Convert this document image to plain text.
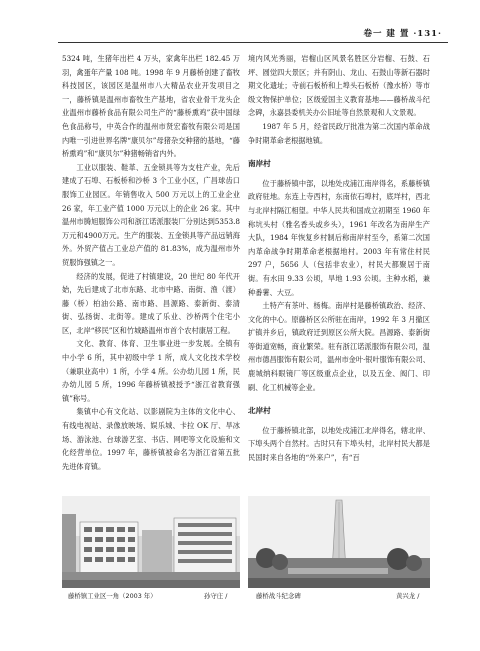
卷一 建 置 ·131·

5324 吨，生猪年出栏 4 万头，家禽年出栏 182.45 万羽，禽蛋年产量 108 吨。1998 年 9 月藤桥创建了畜牧科技园区，该园区是温州市八大精品农业开发项目之一，藤桥镇是温州市畜牧生产基地，省农业骨干龙头企业温州市藤桥食品有限公司生产的“藤桥熏鸡”获中国绿色食品称号，中英合作的温州市贤宏畜牧有限公司是国内唯一引进世界名牌“康贝尔”母猪杂交种猪的基地，“藤桥熏鸡”和“康贝尔”种猪畅销省内外。

工业以服装、鞋革、五金锁具等为支柱产业，先后建成了石埠、石板桥和沙桥 3 个工业小区，广昌球齿口服饰工业园区。年销售收入 500 万元以上的工业企业 26 家，年工业产值 1000 万元以上的企业 26 家。其中温州市腾旭服饰公司和浙江诺派服装厂分别达到5353.8万元和4900万元。生产的服装、五金锁具等产品远销海外。外贸产值占工业总产值的 81.83%，成为温州市外贸服饰强镇之一。

经济的发展，促进了村镇建设，20 世纪 80 年代开始，先后建成了北市东路、北市中路、南街、渔（渡）藤（桥）柏油公路、南市路、昌源路、泰新街、泰清街、弘扬街、北街等。建成了乐业、沙桥两个住宅小区，北岸“移民”区和竹城路温州市首个农村康居工程。

文化、教育、体育、卫生事业进一步发展。全镇有中小学 6 所，其中初级中学 1 所，成人文化技术学校（兼职业高中）1 所，小学 4 所。公办幼儿园 1 所，民办幼儿园 5 所，1996 年藤桥镇被授予“浙江省教育强镇”称号。

集镇中心有文化站、以影剧院为主体的文化中心、有线电视站、录像放映场、娱乐城、卡拉 OK 厅、旱冰场、游泳池、台球游艺室、书店、网吧等文化设施和文化经营单位。1997 年，藤桥镇被命名为浙江省第五批先进体育镇。

境内风光秀丽，岩榴山区风景名胜区分岩榴、石鼓、石坪、圆觉四大景区；并有阴山、龙山、石鼓山等新石器时期文化遗址；寺前石板桥和上埠头石板桥（豫水桥）等市级文物保护单位；区级爱国主义教育基地——藤桥战斗纪念碑，永嘉县委机关办公旧址等自然景观和人文景观。

1987 年 5 月，经省民政厅批准为第二次国内革命战争时期革命老根据地镇。

南岸村

位于藤桥镇中部，以地处戍浦江南岸得名，系藤桥镇政府驻地。东连上寺西村，东南依石埠村，底垟村，西北与北岸村隔江相望。中华人民共和国成立初期至 1960 年称坑头村（雅名香头或乡头），1961 年改名为南岸生产大队，1984 年恢复乡村制后称南岸村至今，系第二次国内革命战争时期革命老根据地村。2003 年有常住村民 297 户，5656 人（包括非农业），村民大都聚居于南街。有水田 9.33 公顷，旱地 1.93 公顷。主种水稻，兼种番薯、大豆。

土特产有茶叶、杨梅。南岸村是藤桥镇政治、经济、文化的中心。原藤桥区公所驻在南岸，1992 年 3 月撤区扩镇并乡后，镇政府迁到原区公所大院。昌源路、泰新街等街道宽畅，商业繁荣。驻有浙江诺派服饰有限公司，温州市德昌服饰有限公司，温州市金叶·银叶服饰有限公司、鹿城纳科眼镜厂等区级重点企业，以及五金、阀门、印刷、化工机械等企业。

北岸村

位于藤桥镇北部，以地处戍浦江北岸得名，辖北岸、下埠头两个自然村。古时只有下埠头村，北岸村民大都是民国时来自各地的“外来户”，有“百

藤桥镇工业区一角（2003 年）	孙守庄 /	藤桥战斗纪念碑	黄兴龙 /
